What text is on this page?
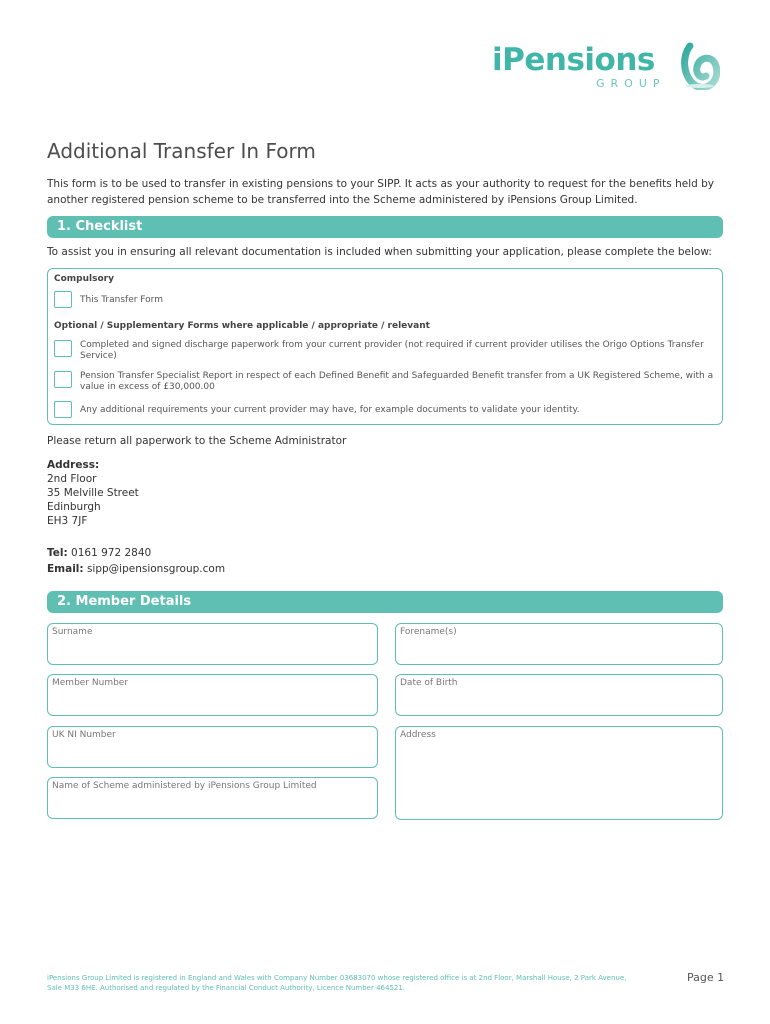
iPensions
GROUP
Additional Transfer In Form

This form is to be used to transfer in existing pensions to your SIPP. It acts as your authority to request for the benefits held by another registered pension scheme to be transferred into the Scheme administered by iPensions Group Limited.

1. Checklist

To assist you in ensuring all relevant documentation is included when submitting your application, please complete the below:

Compulsory
This Transfer Form
Optional / Supplementary Forms where applicable / appropriate / relevant
Completed and signed discharge paperwork from your current provider (not required if current provider utilises the Origo Options Transfer Service)
Pension Transfer Specialist Report in respect of each Defined Benefit and Safeguarded Benefit transfer from a UK Registered Scheme, with a value in excess of £30,000.00
Any additional requirements your current provider may have, for example documents to validate your identity.

Please return all paperwork to the Scheme Administrator

Address:
2nd Floor
35 Melville Street
Edinburgh
EH3 7JF
Tel: 0161 972 2840
Email: sipp@ipensionsgroup.com
2. Member Details
Surname	Forename(s)
Member Number	Date of Birth
UK NI Number	Address
Name of Scheme administered by iPensions Group Limited
iPensions Group Limited is registered in England and Wales with Company Number 03683070 whose registered office is at 2nd Floor, Marshall House, 2 Park Avenue, Sale M33 6HE. Authorised and regulated by the Financial Conduct Authority, Licence Number 464521.
Page 1
